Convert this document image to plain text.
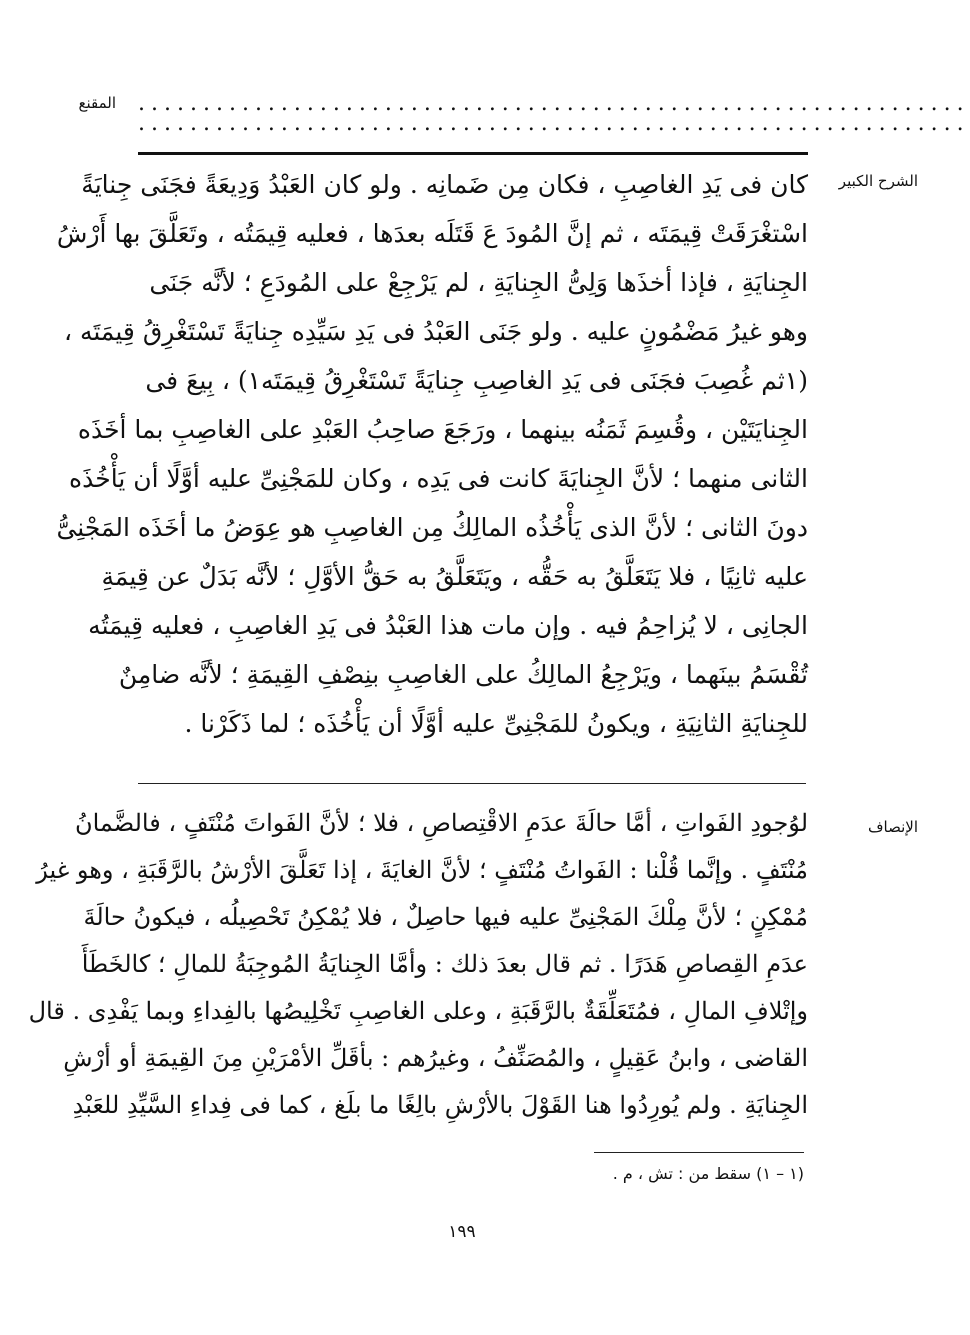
المقنع ................................................................
................................................................
الشرح الكبير
كان فى يَدِ الغاصِبِ ، فكان مِن ضَمانِه . ولو كان العَبْدُ وَدِيعَةً فجَنَى جِنايَةً
اسْتغْرَقَتْ قِيمَتَه ، ثم إنَّ المُودَ عَ قَتَلَه بعدَها ، فعليه قِيمَتُه ، وتَعَلَّقَ بها أَرْشُ
الجِنايَةِ ، فإذا أخذَها وَلِىُّ الجِنايَةِ ، لم يَرْجِعْ على المُودَعِ ؛ لأنَّه جَنَى
وهو غيرُ مَضْمُونٍ عليه . ولو جَنَى العَبْدُ فى يَدِ سَيِّدِه جِنايَةً تَسْتَغْرِقُ قِيمَتَه ،
(١ثم غُصِبَ فجَنَى فى يَدِ الغاصِبِ جِنايَةً تَسْتَغْرِقُ قِيمَتَه١) ، بِيعَ فى
الجِنايَتَيْن ، وقُسِمَ ثَمَنُه بينهما ، ورَجَعَ صاحِبُ العَبْدِ على الغاصِبِ بما أخَذَه
الثانى منهما ؛ لأنَّ الجِنايَةَ كانت فى يَدِه ، وكان للمَجْنِىِّ عليه أوَّلًا أن يَأْخُذَه
دونَ الثانى ؛ لأنَّ الذى يَأْخُذُه المالِكُ مِن الغاصِبِ هو عِوَضُ ما أخَذَه المَجْنِىُّ
عليه ثانِيًا ، فلا يَتَعَلَّقُ به حَقُّه ، ويَتَعَلَّقُ به حَقُّ الأوَّلِ ؛ لأنَّه بَدَلٌ عن قِيمَةِ
الجانِى ، لا يُزاحِمُ فيه . وإن مات هذا العَبْدُ فى يَدِ الغاصِبِ ، فعليه قِيمَتُه
تُقْسَمُ بينَهما ، ويَرْجِعُ المالِكُ على الغاصِبِ بنِصْفِ القِيمَةِ ؛ لأنَّه ضامِنٌ
للجِنايَةِ الثانِيَةِ ، ويكونُ للمَجْنِىِّ عليه أوَّلًا أن يَأْخُذَه ؛ لما ذَكَرْنا .
الإنصاف
لوُجودِ الفَواتِ ، أمَّا حالَةَ عدَمِ الاقْتِصاصِ ، فلا ؛ لأنَّ الفَواتَ مُنْتَفٍ ، فالضَّمانُ
مُنْتَفٍ . وإنَّما قُلْنا : الفَواتُ مُنْتَفٍ ؛ لأنَّ الغايَةَ ، إذا تَعَلَّقَ الأرْشُ بالرَّقَبَةِ ، وهو غيرُ
مُمْكِنٍ ؛ لأنَّ مِلْكَ المَجْنِىِّ عليه فيها حاصِلٌ ، فلا يُمْكِنُ تَحْصِيلُه ، فيكونُ حالَةَ
عدَمِ القِصاصِ هَدَرًا . ثم قال بعدَ ذلك : وأمَّا الجِنايَةُ المُوجِبَةُ للمالِ ؛ كالخَطَأَ
وإتْلافِ المالِ ، فمُتَعَلِّقَةٌ بالرَّقَبَةِ ، وعلى الغاصِبِ تَخْلِيصُها بالفِداءِ وبما يَفْدِى . قال
القاضى ، وابنُ عَقِيلٍ ، والمُصَنِّفُ ، وغيرُهم : بأقَلِّ الأمْرَيْنِ مِنَ القِيمَةِ أو أرْشِ
الجِنايَةِ . ولم يُورِدُوا هنا القَوْلَ بالأرْشِ بالِغًا ما بلَغ ، كما فى فِداءِ السَّيِّدِ للعَبْدِ
(١ – ١) سقط من : تش ، م .
١٩٩
